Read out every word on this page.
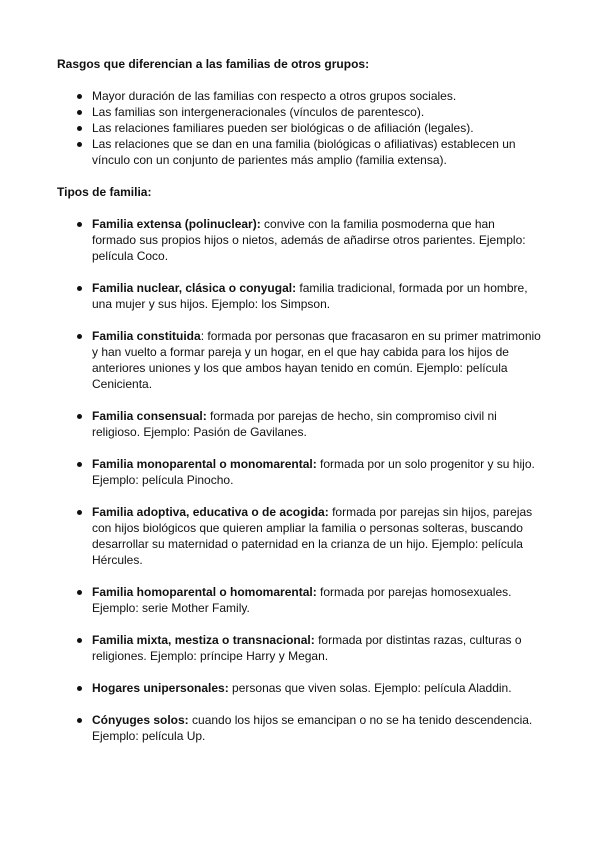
Rasgos que diferencian a las familias de otros grupos:

Mayor duración de las familias con respecto a otros grupos sociales.
Las familias son intergeneracionales (vínculos de parentesco).
Las relaciones familiares pueden ser biológicas o de afiliación (legales).
Las relaciones que se dan en una familia (biológicas o afiliativas) establecen un vínculo con un conjunto de parientes más amplio (familia extensa).

Tipos de familia:

Familia extensa (polinuclear): convive con la familia posmoderna que han formado sus propios hijos o nietos, además de añadirse otros parientes. Ejemplo: película Coco.
Familia nuclear, clásica o conyugal: familia tradicional, formada por un hombre, una mujer y sus hijos. Ejemplo: los Simpson.
Familia constituida: formada por personas que fracasaron en su primer matrimonio y han vuelto a formar pareja y un hogar, en el que hay cabida para los hijos de anteriores uniones y los que ambos hayan tenido en común. Ejemplo: película Cenicienta.
Familia consensual: formada por parejas de hecho, sin compromiso civil ni religioso. Ejemplo: Pasión de Gavilanes.
Familia monoparental o monomarental: formada por un solo progenitor y su hijo. Ejemplo: película Pinocho.
Familia adoptiva, educativa o de acogida: formada por parejas sin hijos, parejas con hijos biológicos que quieren ampliar la familia o personas solteras, buscando desarrollar su maternidad o paternidad en la crianza de un hijo. Ejemplo: película Hércules.
Familia homoparental o homomarental: formada por parejas homosexuales. Ejemplo: serie Mother Family.
Familia mixta, mestiza o transnacional: formada por distintas razas, culturas o religiones. Ejemplo: príncipe Harry y Megan.
Hogares unipersonales: personas que viven solas. Ejemplo: película Aladdin.
Cónyuges solos: cuando los hijos se emancipan o no se ha tenido descendencia. Ejemplo: película Up.
